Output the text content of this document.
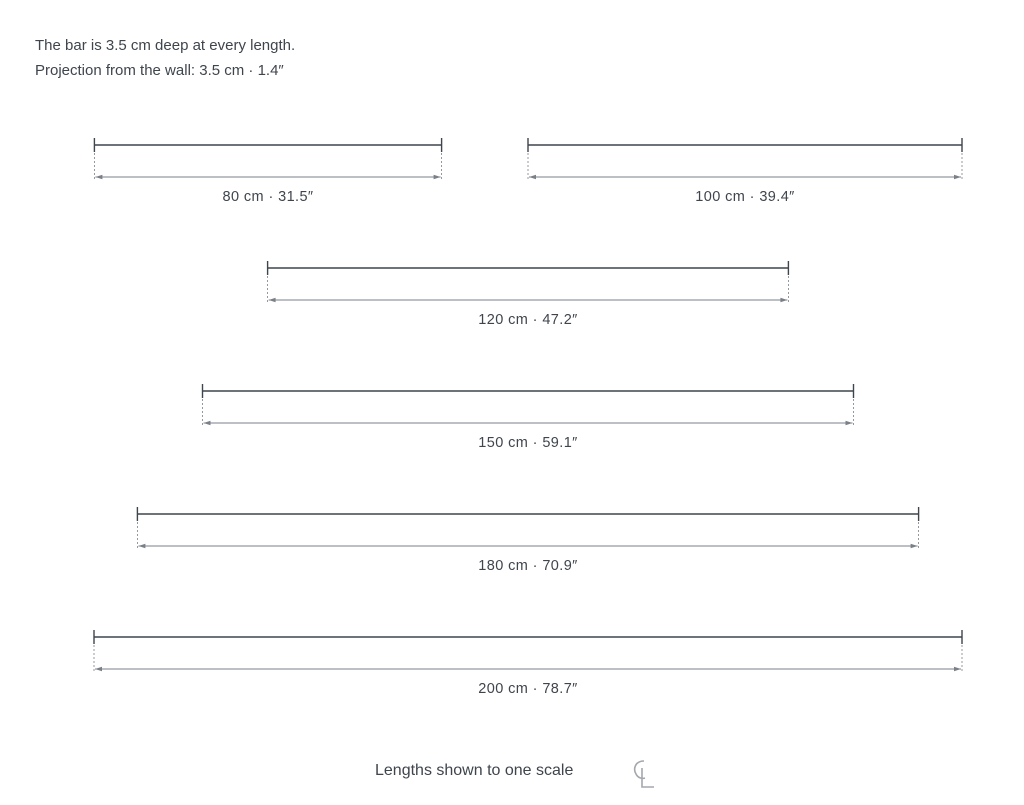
The bar is 3.5 cm deep at every length.
Projection from the wall: 3.5 cm · 1.4″
80 cm · 31.5″	100 cm · 39.4″
120 cm · 47.2″
150 cm · 59.1″
180 cm · 70.9″
200 cm · 78.7″
Lengths shown to one scale
